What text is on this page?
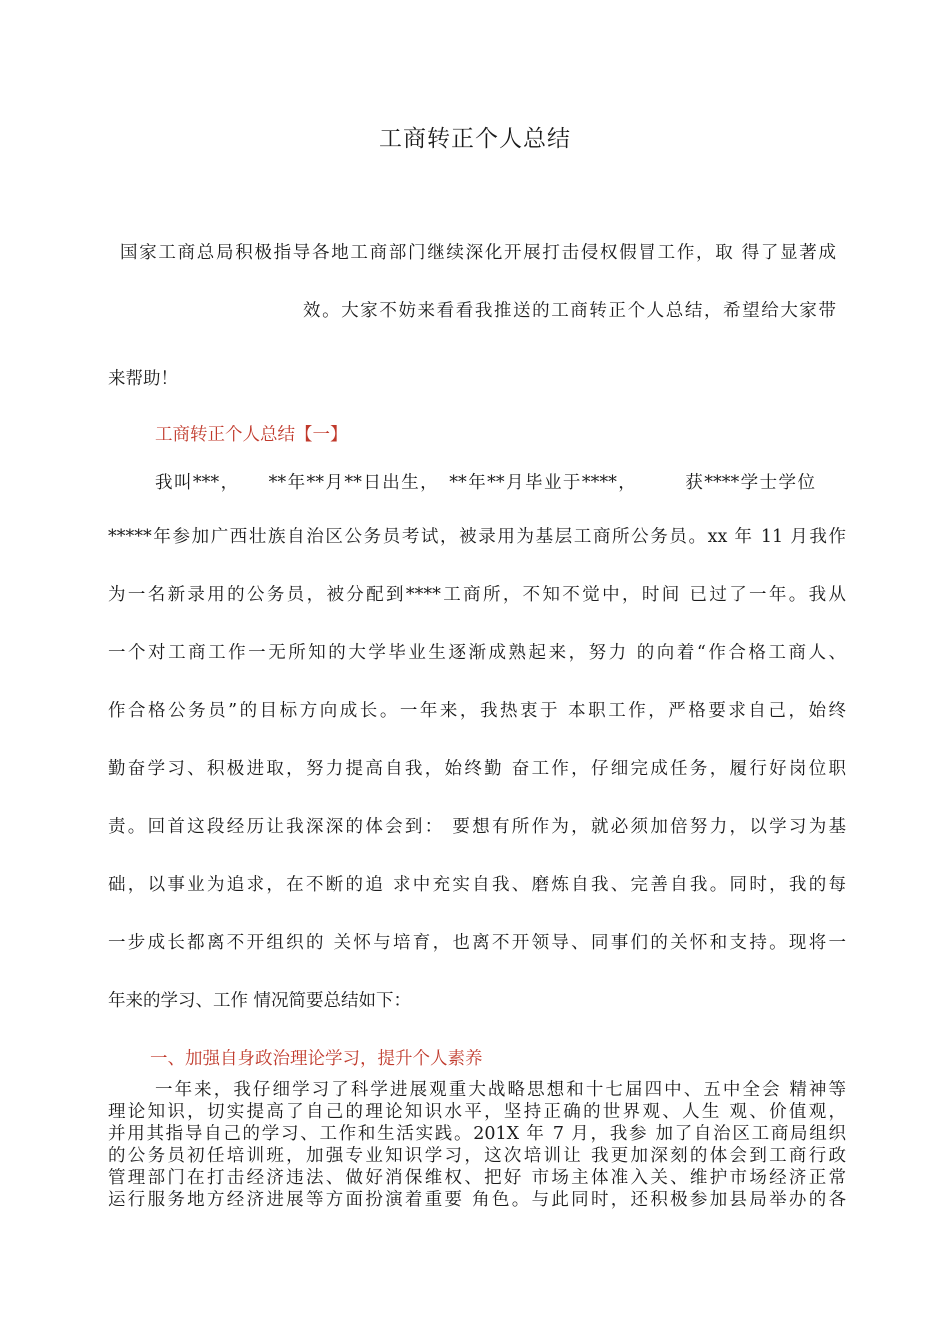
工商转正个人总结
国家工商总局积极指导各地工商部门继续深化开展打击侵权假冒工作，取 得了显著成
效。大家不妨来看看我推送的工商转正个人总结，希望给大家带
来帮助！
工商转正个人总结【一】
我叫***，　　**年**月**日出生，　**年**月毕业于****，　　　获****学士学位
*****年参加广西壮族自治区公务员考试，被录用为基层工商所公务员。xx 年 11 月我作
为一名新录用的公务员，被分配到****工商所，不知不觉中，时间 已过了一年。我从
一个对工商工作一无所知的大学毕业生逐渐成熟起来，努力 的向着“作合格工商人、
作合格公务员”的目标方向成长。一年来，我热衷于 本职工作，严格要求自己，始终
勤奋学习、积极进取，努力提高自我，始终勤 奋工作，仔细完成任务，履行好岗位职
责。回首这段经历让我深深的体会到： 要想有所作为，就必须加倍努力，以学习为基
础，以事业为追求，在不断的追 求中充实自我、磨炼自我、完善自我。同时，我的每
一步成长都离不开组织的 关怀与培育，也离不开领导、同事们的关怀和支持。现将一
年来的学习、工作 情况简要总结如下：
一、加强自身政治理论学习，提升个人素养
一年来，我仔细学习了科学进展观重大战略思想和十七届四中、五中全会 精神等
理论知识，切实提高了自己的理论知识水平，坚持正确的世界观、人生 观、价值观，
并用其指导自己的学习、工作和生活实践。201X 年 7 月，我参 加了自治区工商局组织
的公务员初任培训班，加强专业知识学习，这次培训让 我更加深刻的体会到工商行政
管理部门在打击经济违法、做好消保维权、把好 市场主体准入关、维护市场经济正常
运行服务地方经济进展等方面扮演着重要 角色。与此同时，还积极参加县局举办的各
